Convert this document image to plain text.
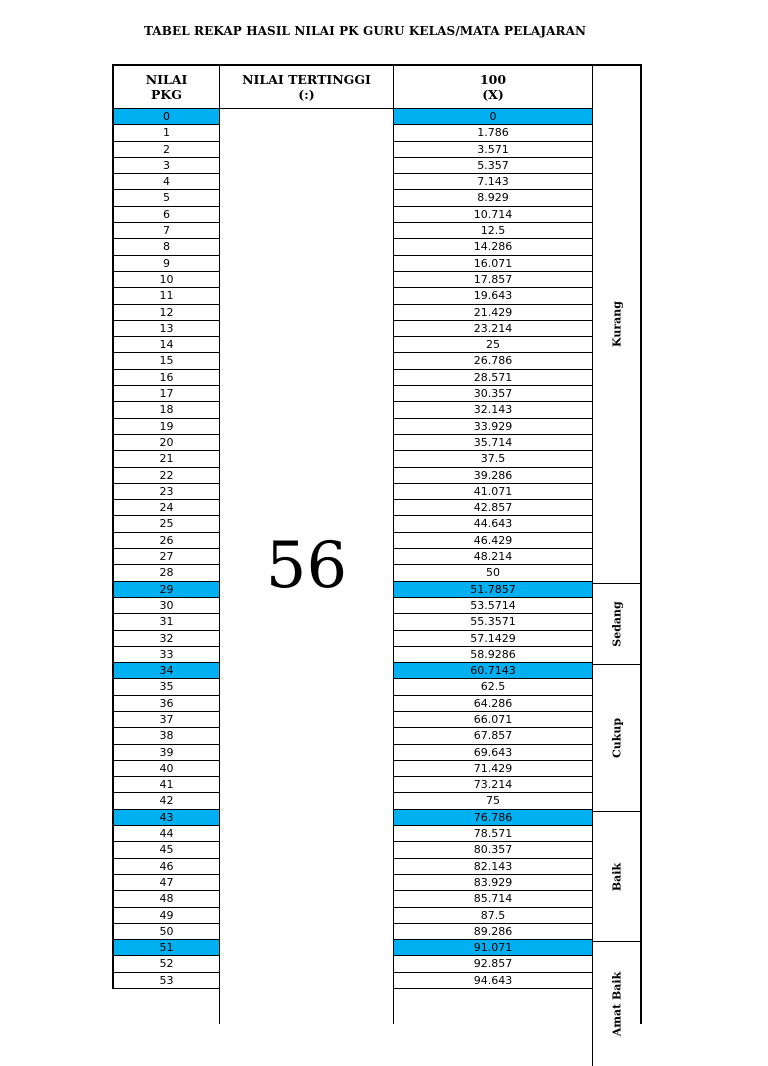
TABEL REKAP HASIL NILAI PK GURU KELAS/MATA PELAJARAN
NILAI
PKG
NILAI TERTINGGI
(:)
100
(X)
0
1
2
3
4
5
6
7
8
9
10
11
12
13
14
15
16
17
18
19
20
21
22
23
24
25
26
27
28
29
30
31
32
33
34
35
36
37
38
39
40
41
42
43
44
45
46
47
48
49
50
51
52
53
56
0
1.786
3.571
5.357
7.143
8.929
10.714
12.5
14.286
16.071
17.857
19.643
21.429
23.214
25
26.786
28.571
30.357
32.143
33.929
35.714
37.5
39.286
41.071
42.857
44.643
46.429
48.214
50
51.7857
53.5714
55.3571
57.1429
58.9286
60.7143
62.5
64.286
66.071
67.857
69.643
71.429
73.214
75
76.786
78.571
80.357
82.143
83.929
85.714
87.5
89.286
91.071
92.857
94.643
Kurang
Sedang
Cukup
Baik
Amat Baik
